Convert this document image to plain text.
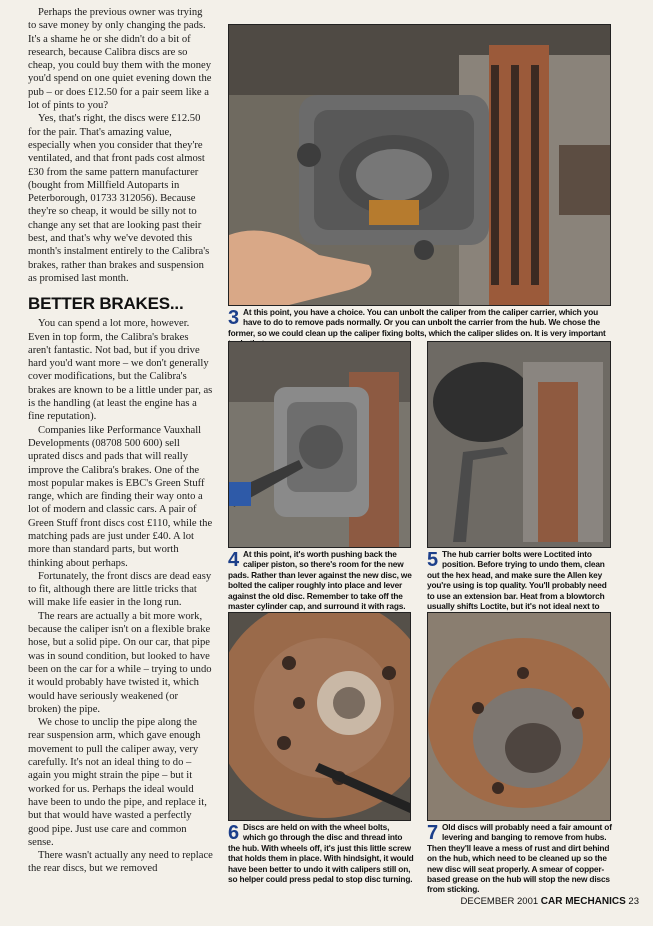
Perhaps the previous owner was trying to save money by only changing the pads. It's a shame he or she didn't do a bit of research, because Calibra discs are so cheap, you could buy them with the money you'd spend on one quiet evening down the pub – or does £12.50 for a pair seem like a lot of pints to you?

Yes, that's right, the discs were £12.50 for the pair. That's amazing value, especially when you consider that they're ventilated, and that front pads cost almost £30 from the same pattern manufacturer (bought from Millfield Autoparts in Peterborough, 01733 312056). Because they're so cheap, it would be silly not to change any set that are looking past their best, and that's why we've devoted this month's instalment entirely to the Calibra's brakes, rather than brakes and suspension as promised last month.

BETTER BRAKES...

You can spend a lot more, however. Even in top form, the Calibra's brakes aren't fantastic. Not bad, but if you drive hard you'd want more – we don't generally cover modifications, but the Calibra's brakes are known to be a little under par, as is the handling (at least the engine has a fine reputation).

Companies like Performance Vauxhall Developments (08708 500 600) sell uprated discs and pads that will really improve the Calibra's brakes. One of the most popular makes is EBC's Green Stuff range, which are finding their way onto a lot of modern and classic cars. A pair of Green Stuff front discs cost £110, while the matching pads are just under £40. A lot more than standard parts, but worth thinking about perhaps.

Fortunately, the front discs are dead easy to fit, although there are little tricks that will make life easier in the long run.

The rears are actually a bit more work, because the caliper isn't on a flexible brake hose, but a solid pipe. On our car, that pipe was in sound condition, but looked to have been on the car for a while – trying to undo it would probably have twisted it, which would have seriously weakened (or broken) the pipe.

We chose to unclip the pipe along the rear suspension arm, which gave enough movement to pull the caliper away, very carefully. It's not an ideal thing to do – again you might strain the pipe – but it worked for us. Perhaps the ideal would have been to undo the pipe, and replace it, but that would have wasted a perfectly good pipe. Just use care and common sense.

There wasn't actually any need to replace the rear discs, but we removed

3 At this point, you have a choice. You can unbolt the caliper from the caliper carrier, which you have to do to remove pads normally. Or you can unbolt the carrier from the hub. We chose the former, so we could clean up the caliper fixing bolts, which the caliper slides on. It is very important
4 At this point, it's worth pushing back the caliper piston, so there's room for the new pads. Rather than lever against the new disc, we bolted the caliper roughly into place and lever against the old disc. Remember to take off the master cylinder cap, and surround it with rags.
5 The hub carrier bolts were Loctited into position. Before trying to undo them, clean out the hex head, and make sure the Allen key you're using is top quality. You'll probably need to use an extension bar. Heat from a blowtorch usually shifts Loctite, but it's not ideal next to
6 Discs are held on with the wheel bolts, which go through the disc and thread into the hub. With wheels off, it's just this little screw that holds them in place. With hindsight, it would have been better to undo it with calipers still on, so helper could press pedal to stop disc turning.
7 Old discs will probably need a fair amount of levering and banging to remove from hubs. Then they'll leave a mess of rust and dirt behind on the hub, which need to be cleaned up so the new disc will seat properly. A smear of copper-based grease on the hub will stop the new discs from sticking.
DECEMBER 2001 CAR MECHANICS 23
